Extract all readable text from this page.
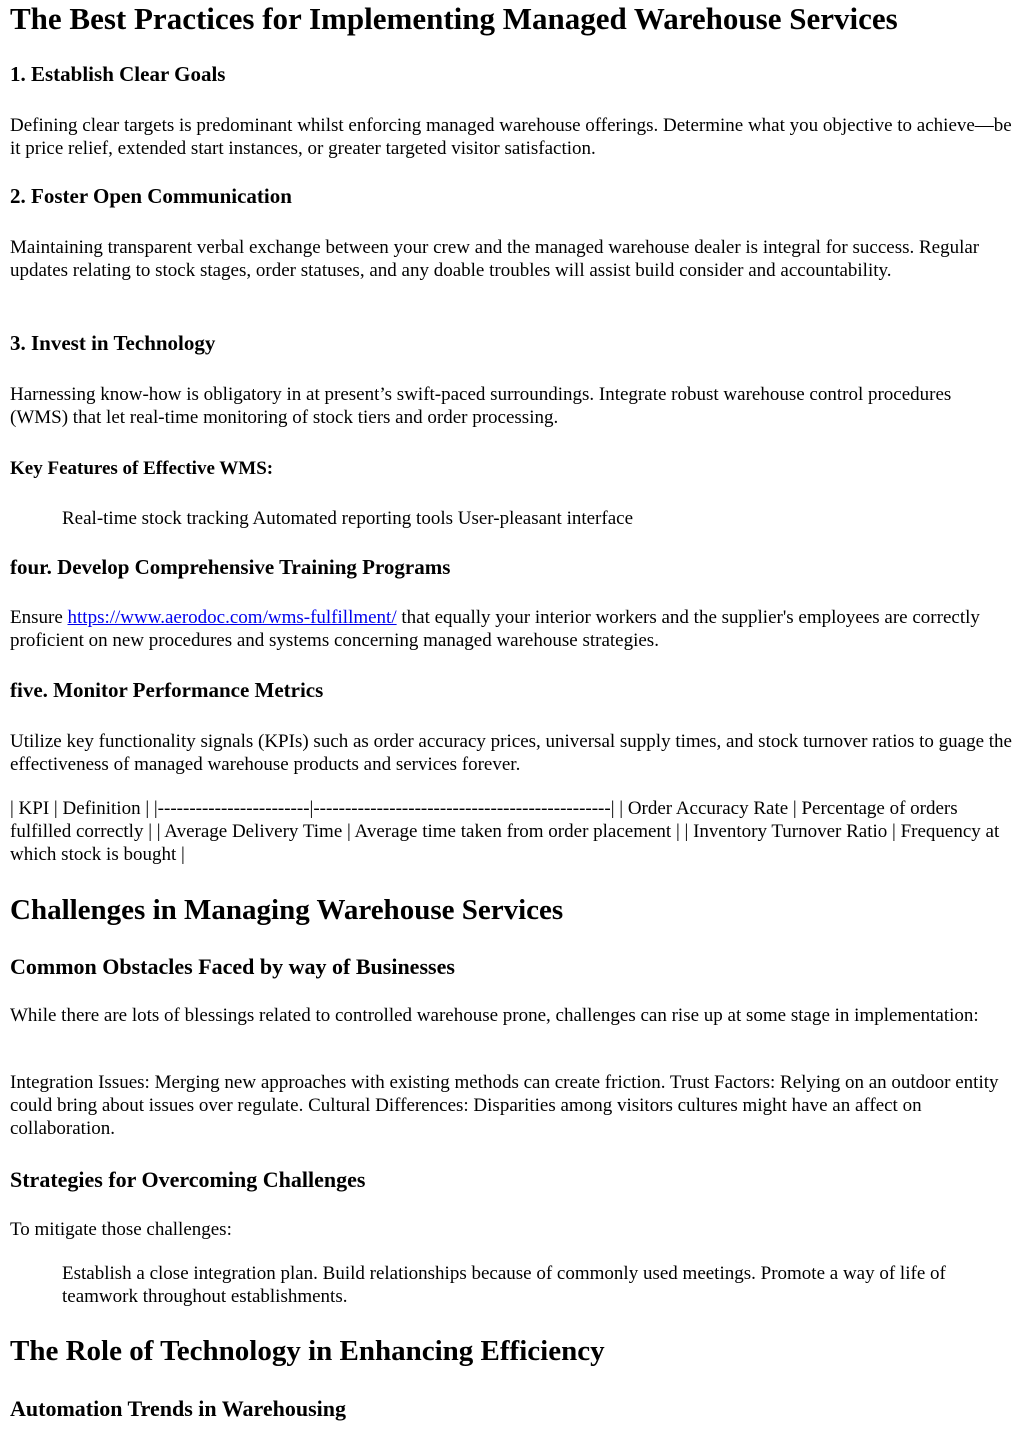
The Best Practices for Implementing Managed Warehouse Services
1. Establish Clear Goals

Defining clear targets is predominant whilst enforcing managed warehouse offerings. Determine what you objective to achieve—be it price relief, extended start instances, or greater targeted visitor satisfaction.

2. Foster Open Communication

Maintaining transparent verbal exchange between your crew and the managed warehouse dealer is integral for success. Regular updates relating to stock stages, order statuses, and any doable troubles will assist build consider and accountability.

3. Invest in Technology

Harnessing know-how is obligatory in at present’s swift-paced surroundings. Integrate robust warehouse control procedures (WMS) that let real-time monitoring of stock tiers and order processing.

Key Features of Effective WMS:

Real-time stock tracking Automated reporting tools User-pleasant interface

four. Develop Comprehensive Training Programs

Ensure https://www.aerodoc.com/wms-fulfillment/ that equally your interior workers and the supplier's employees are correctly proficient on new procedures and systems concerning managed warehouse strategies.

five. Monitor Performance Metrics

Utilize key functionality signals (KPIs) such as order accuracy prices, universal supply times, and stock turnover ratios to guage the effectiveness of managed warehouse products and services forever.

| KPI | Definition | |------------------------|-----------------------------------------------| | Order Accuracy Rate | Percentage of orders fulfilled correctly | | Average Delivery Time | Average time taken from order placement | | Inventory Turnover Ratio | Frequency at which stock is bought |

Challenges in Managing Warehouse Services
Common Obstacles Faced by way of Businesses

While there are lots of blessings related to controlled warehouse prone, challenges can rise up at some stage in implementation:

Integration Issues: Merging new approaches with existing methods can create friction. Trust Factors: Relying on an outdoor entity could bring about issues over regulate. Cultural Differences: Disparities among visitors cultures might have an affect on collaboration.

Strategies for Overcoming Challenges

To mitigate those challenges:

Establish a close integration plan. Build relationships because of commonly used meetings. Promote a way of life of teamwork throughout establishments.

The Role of Technology in Enhancing Efficiency
Automation Trends in Warehousing
